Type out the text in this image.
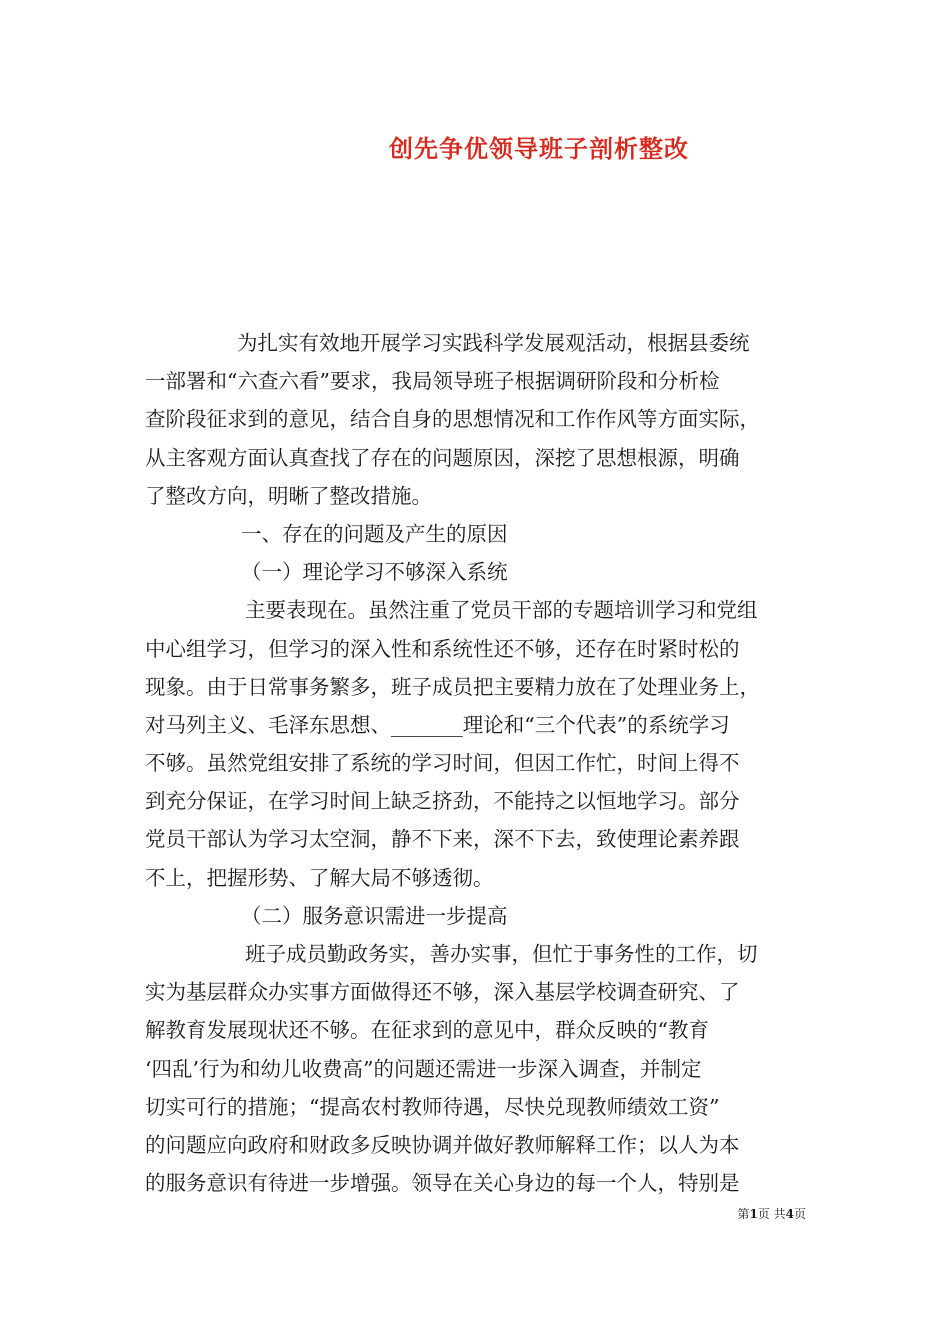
创先争优领导班子剖析整改
为扎实有效地开展学习实践科学发展观活动，根据县委统
一部署和“六查六看”要求，我局领导班子根据调研阶段和分析检
查阶段征求到的意见，结合自身的思想情况和工作作风等方面实际，
从主客观方面认真查找了存在的问题原因，深挖了思想根源，明确
了整改方向，明晰了整改措施。
一、存在的问题及产生的原因
（一）理论学习不够深入系统
主要表现在。虽然注重了党员干部的专题培训学习和党组
中心组学习，但学习的深入性和系统性还不够，还存在时紧时松的
现象。由于日常事务繁多，班子成员把主要精力放在了处理业务上，
对马列主义、毛泽东思想、_______理论和“三个代表”的系统学习
不够。虽然党组安排了系统的学习时间，但因工作忙，时间上得不
到充分保证，在学习时间上缺乏挤劲，不能持之以恒地学习。部分
党员干部认为学习太空洞，静不下来，深不下去，致使理论素养跟
不上，把握形势、了解大局不够透彻。
（二）服务意识需进一步提高
班子成员勤政务实，善办实事，但忙于事务性的工作，切
实为基层群众办实事方面做得还不够，深入基层学校调查研究、了
解教育发展现状还不够。在征求到的意见中，群众反映的“教育
‘四乱’行为和幼儿收费高”的问题还需进一步深入调查，并制定
切实可行的措施；“提高农村教师待遇，尽快兑现教师绩效工资”
的问题应向政府和财政多反映协调并做好教师解释工作；以人为本
的服务意识有待进一步增强。领导在关心身边的每一个人，特别是
第1页 共4页
